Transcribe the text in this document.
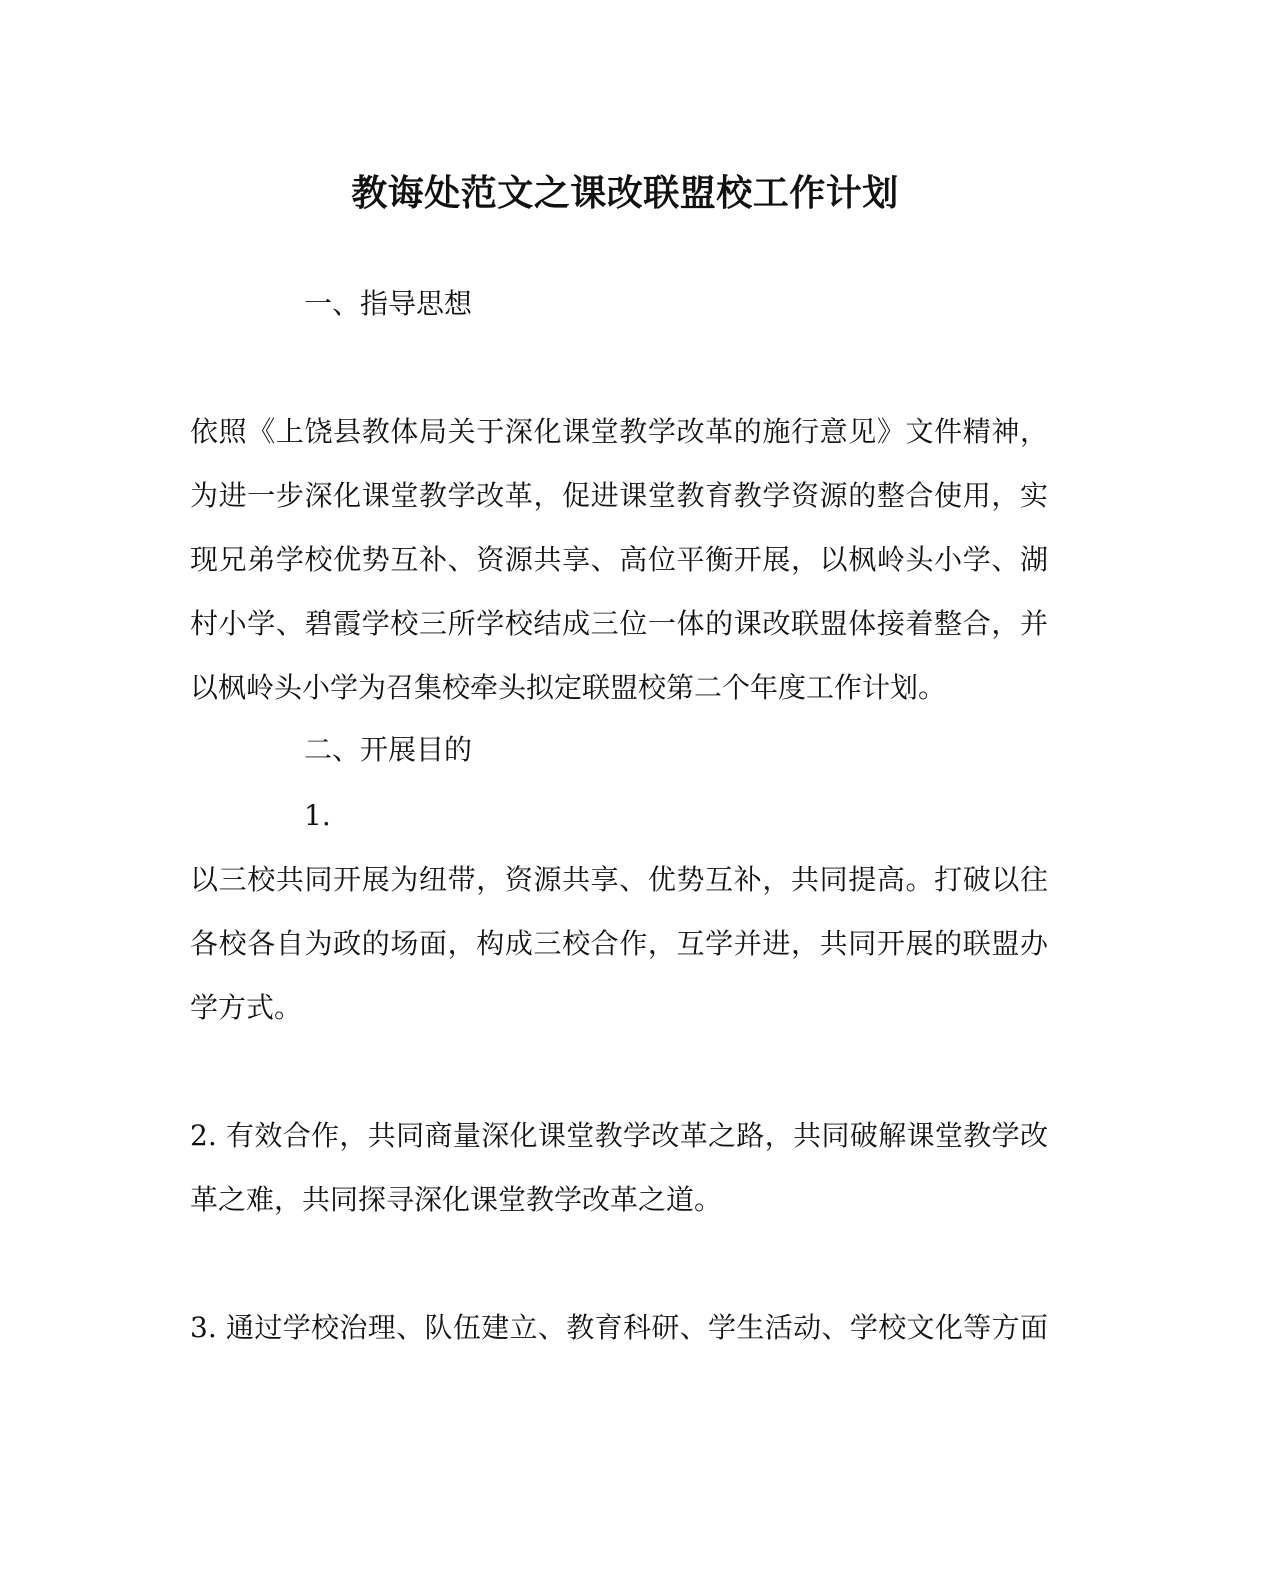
教诲处范文之课改联盟校工作计划

一、指导思想

依照《上饶县教体局关于深化课堂教学改革的施行意见》文件精神，
为进一步深化课堂教学改革，促进课堂教育教学资源的整合使用，实
现兄弟学校优势互补、资源共享、高位平衡开展，以枫岭头小学、湖
村小学、碧霞学校三所学校结成三位一体的课改联盟体接着整合，并
以枫岭头小学为召集校牵头拟定联盟校第二个年度工作计划。

二、开展目的

1.

以三校共同开展为纽带，资源共享、优势互补，共同提高。打破以往
各校各自为政的场面，构成三校合作，互学并进，共同开展的联盟办
学方式。
2. 有效合作，共同商量深化课堂教学改革之路，共同破解课堂教学改
革之难，共同探寻深化课堂教学改革之道。
3. 通过学校治理、队伍建立、教育科研、学生活动、学校文化等方面
